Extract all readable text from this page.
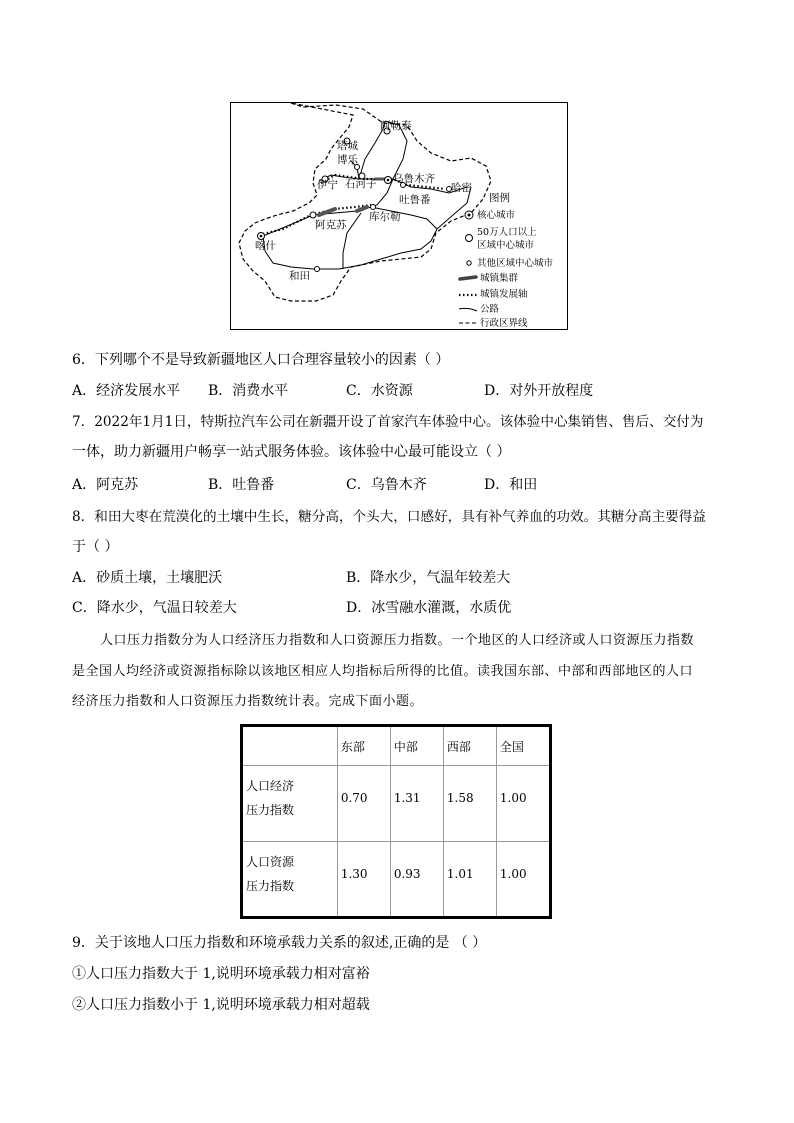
阿勒泰
塔城
博乐
伊宁 石河子 乌鲁木齐
吐鲁番
哈密
阿克苏
库尔勒
喀什
和田
图例
核心城市
50万人口以上
区域中心城市
其他区域中心城市
城镇集群
城镇发展轴
公路
行政区界线
6．下列哪个不是导致新疆地区人口合理容量较小的因素（ ）
A．经济发展水平 B．消费水平	C．水资源	D．对外开放程度
7．2022年1月1日，特斯拉汽车公司在新疆开设了首家汽车体验中心。该体验中心集销售、售后、交付为
一体，助力新疆用户畅享一站式服务体验。该体验中心最可能设立（ ）
A．阿克苏	B．吐鲁番	C．乌鲁木齐	D．和田
8．和田大枣在荒漠化的土壤中生长，糖分高，个头大，口感好，具有补气养血的功效。其糖分高主要得益
于（ ）
A．砂质土壤，土壤肥沃	B．降水少，气温年较差大
C．降水少，气温日较差大	D．冰雪融水灌溉，水质优
人口压力指数分为人口经济压力指数和人口资源压力指数。一个地区的人口经济或人口资源压力指数
是全国人均经济或资源指标除以该地区相应人均指标后所得的比值。读我国东部、中部和西部地区的人口
经济压力指数和人口资源压力指数统计表。完成下面小题。
	东部	中部	西部	全国
人口经济
压力指数	0.70	1.31	1.58	1.00
人口资源
压力指数	1.30	0.93	1.01	1.00
9．关于该地人口压力指数和环境承载力关系的叙述,正确的是 （ ）
①人口压力指数大于 1,说明环境承载力相对富裕
②人口压力指数小于 1,说明环境承载力相对超载
